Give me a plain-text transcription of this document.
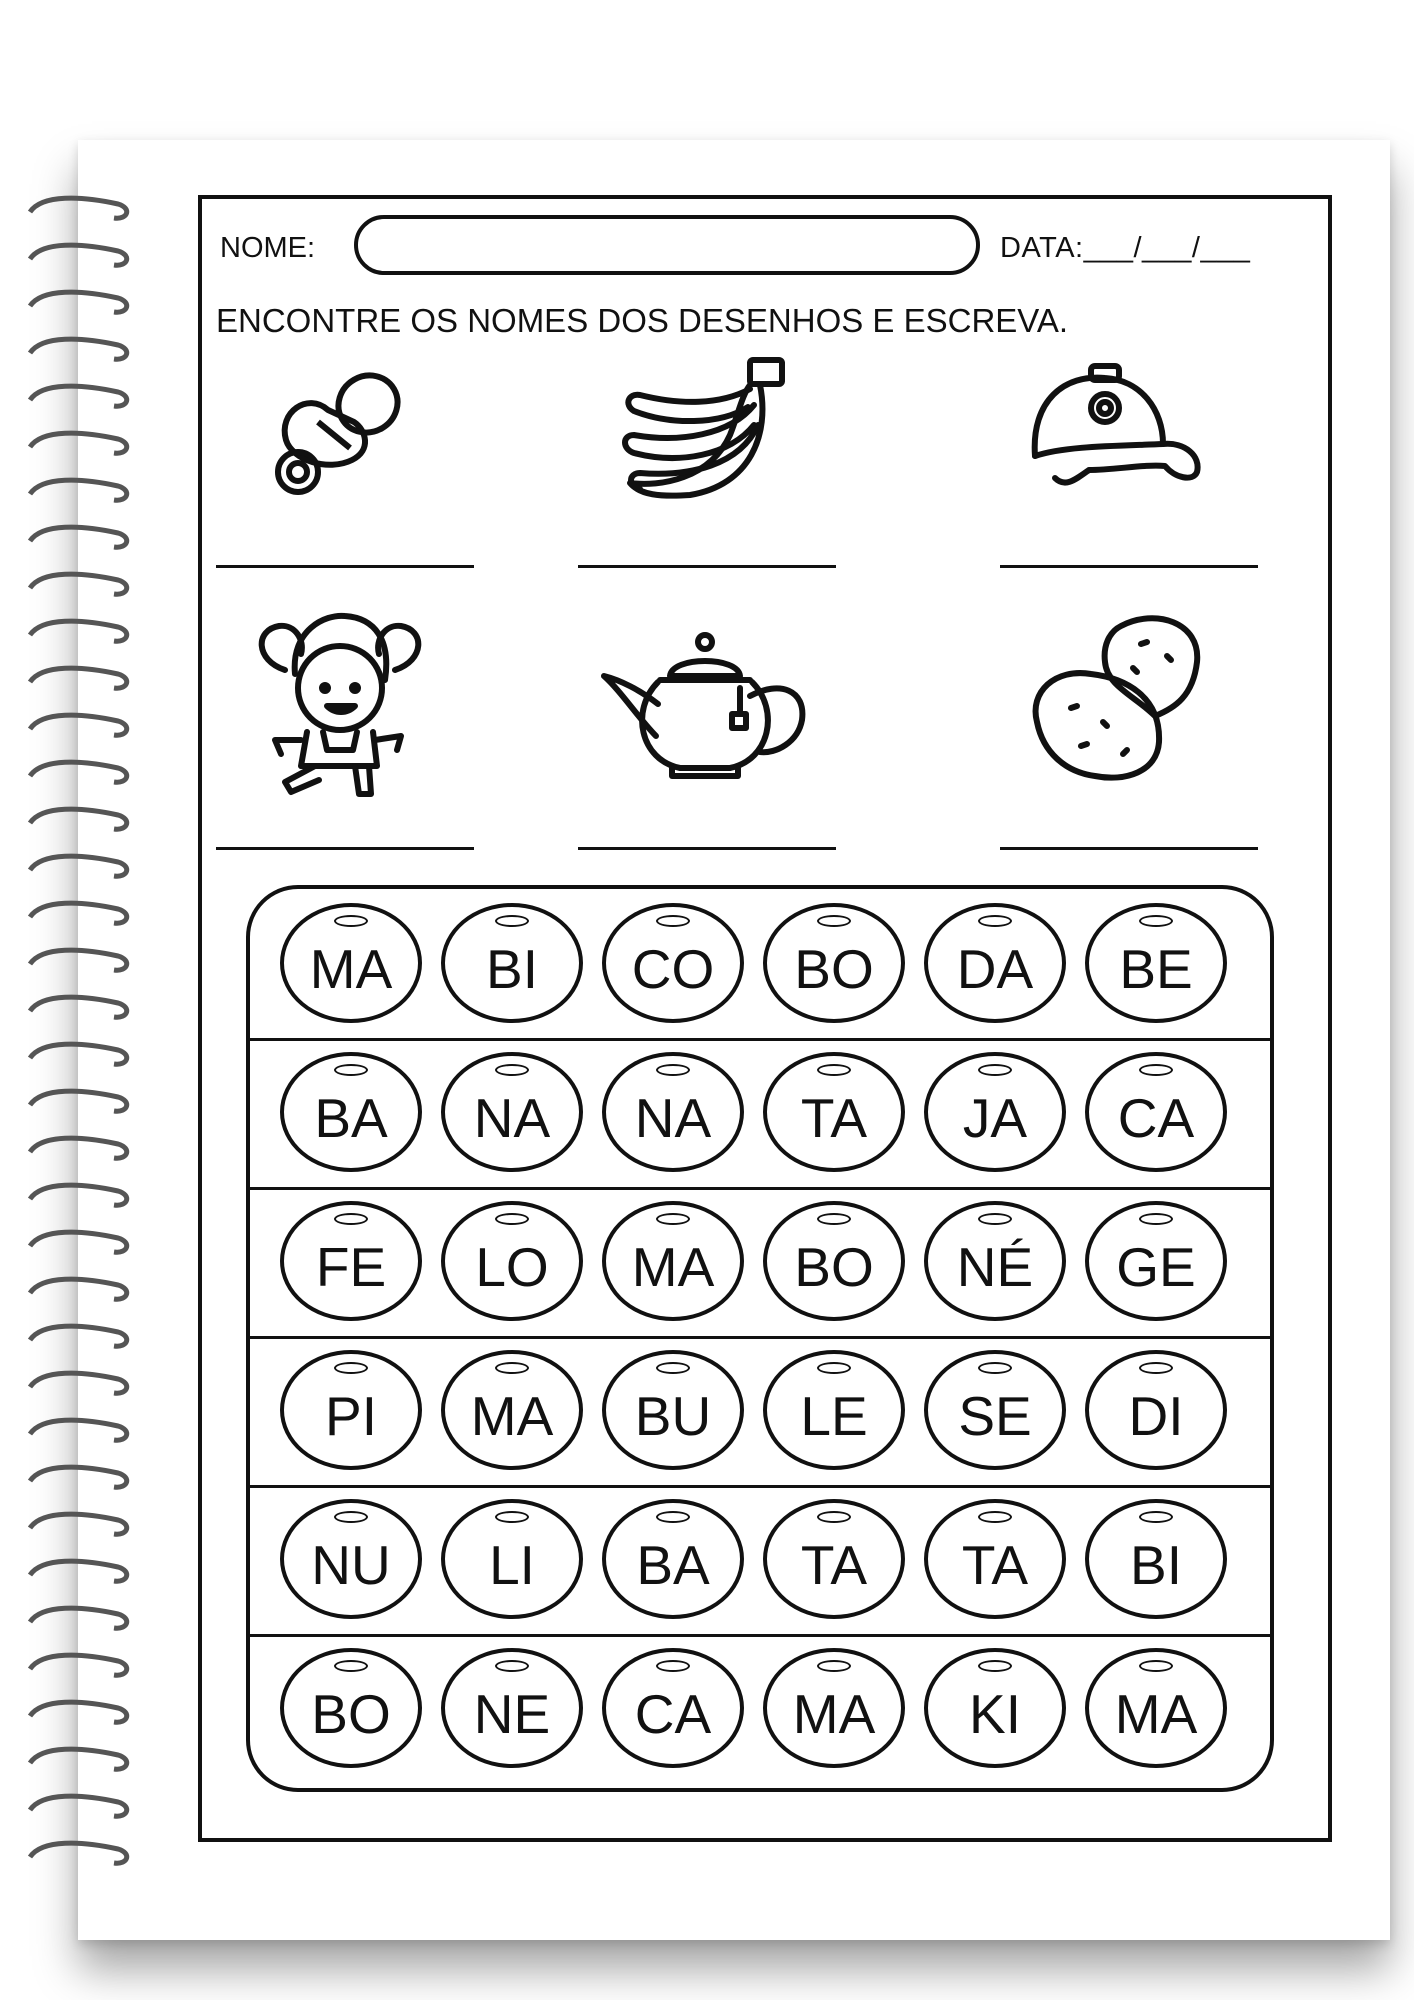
NOME:	DATA:___/___/___
ENCONTRE OS NOMES DOS DESENHOS E ESCREVA.
MA BI CO BO DA BE
BA NA NA TA JA CA
FE LO MA BO NÉ GE
PI MA BU LE SE DI
NU LI BA TA TA BI
BO NE CA MA KI MA
